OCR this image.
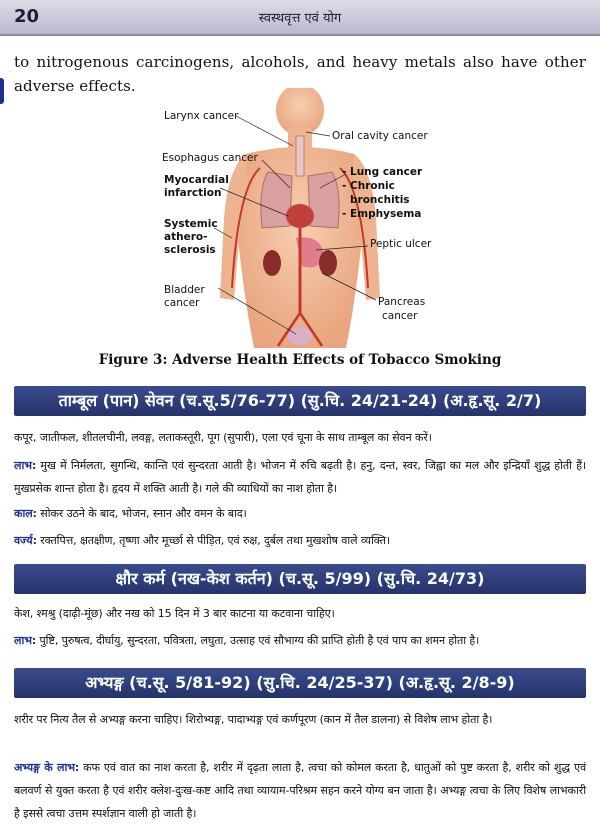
20	स्वस्थवृत्त एवं योग
to nitrogenous carcinogens, alcohols, and heavy metals also have other adverse effects.
Larynx cancer
Oral cavity cancer
Esophagus cancer
- Lung cancer
- Chronic
bronchitis
- Emphysema
Myocardial
infarction
Systemic
athero-
sclerosis	Peptic ulcer
Bladder
cancer	Pancreas
cancer
Figure 3: Adverse Health Effects of Tobacco Smoking
ताम्बूल (पान) सेवन (च.सू.5/76-77) (सु.चि. 24/21-24) (अ.हृ.सू. 2/7)
कपूर, जातीफल, शीतलचीनी, लवङ्ग, लताकस्तूरी, पूग (सुपारी), एला एवं चूना के साथ ताम्बूल का सेवन करें।
लाभ: मुख में निर्मलता, सुगन्धि, कान्ति एवं सुन्दरता आती है। भोजन में रुचि बढ़ती है। हनु, दन्त, स्वर, जिह्वा का मल और इन्द्रियाँ शुद्ध होती हैं। मुखप्रसेक शान्त होता है। हृदय में शक्ति आती है। गले की व्याधियों का नाश होता है।
काल: सोकर उठने के बाद, भोजन, स्नान और वमन के बाद।
वर्ज्य: रक्तपित्त, क्षतक्षीण, तृष्णा और मूर्च्छा से पीड़ित, एवं रुक्ष, दुर्बल तथा मुखशोष वाले व्यक्ति।
क्षौर कर्म (नख-केश कर्तन) (च.सू. 5/99) (सु.चि. 24/73)
केश, श्मश्रु (दाढ़ी-मूंछ) और नख को 15 दिन में 3 बार काटना या कटवाना चाहिए।
लाभ: पुष्टि, पुरुषत्व, दीर्घायु, सुन्दरता, पवित्रता, लघुता, उत्साह एवं सौभाग्य की प्राप्ति होती है एवं पाप का शमन होता है।
अभ्यङ्ग (च.सू. 5/81-92) (सु.चि. 24/25-37) (अ.हृ.सू. 2/8-9)
शरीर पर नित्य तैल से अभ्यङ्ग करना चाहिए। शिरोभ्यङ्ग, पादाभ्यङ्ग एवं कर्णपूरण (कान में तैल डालना) से विशेष लाभ होता है।
अभ्यङ्ग के लाभ: कफ एवं वात का नाश करता है, शरीर में दृढ़ता लाता है, त्वचा को कोमल करता है, धातुओं को पुष्ट करता है, शरीर को शुद्ध एवं बलवर्ण से युक्त करता है एवं शरीर क्लेश-दुःख-कष्ट आदि तथा व्यायाम-परिश्रम सहन करने योग्य बन जाता है। अभ्यङ्ग त्वचा के लिए विशेष लाभकारी है इससे त्वचा उत्तम स्पर्शज्ञान वाली हो जाती है।
